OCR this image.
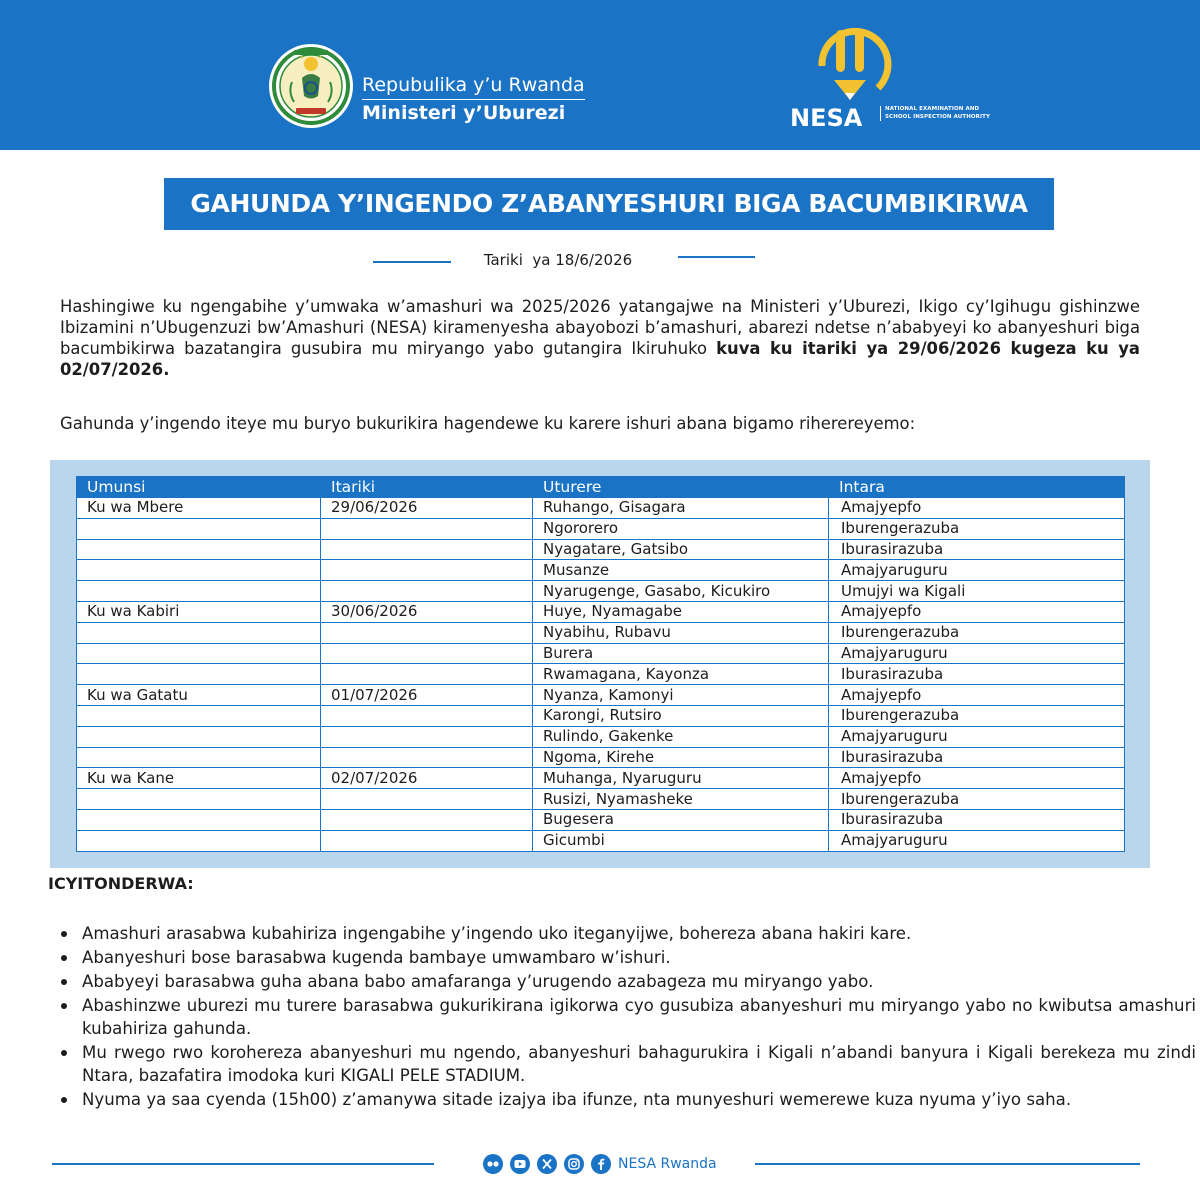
Repubulika y’u Rwanda
Ministeri y’Uburezi	NESA	NATIONAL EXAMINATION AND SCHOOL INSPECTION AUTHORITY
GAHUNDA Y’INGENDO Z’ABANYESHURI BIGA BACUMBIKIRWA
Tariki  ya 18/6/2026

Hashingiwe ku ngengabihe y’umwaka w’amashuri wa 2025/2026 yatangajwe na Ministeri y’Uburezi, Ikigo cy’Igihugu gishinzwe Ibizamini n’Ubugenzuzi bw’Amashuri (NESA) kiramenyesha abayobozi b’amashuri, abarezi ndetse n’ababyeyi ko abanyeshuri biga bacumbikirwa bazatangira gusubira mu miryango yabo gutangira Ikiruhuko kuva ku itariki ya 29/06/2026 kugeza ku ya 02/07/2026.

Gahunda y’ingendo iteye mu buryo bukurikira hagendewe ku karere ishuri abana bigamo riherereyemo:

Umunsi	Itariki	Uturere	Intara
Ku wa Mbere	29/06/2026	Ruhango, Gisagara	Amajyepfo
		Ngororero	Iburengerazuba
		Nyagatare, Gatsibo	Iburasirazuba
		Musanze	Amajyaruguru
		Nyarugenge, Gasabo, Kicukiro	Umujyi wa Kigali
Ku wa Kabiri	30/06/2026	Huye, Nyamagabe	Amajyepfo
		Nyabihu, Rubavu	Iburengerazuba
		Burera	Amajyaruguru
		Rwamagana, Kayonza	Iburasirazuba
Ku wa Gatatu	01/07/2026	Nyanza, Kamonyi	Amajyepfo
		Karongi, Rutsiro	Iburengerazuba
		Rulindo, Gakenke	Amajyaruguru
		Ngoma, Kirehe	Iburasirazuba
Ku wa Kane	02/07/2026	Muhanga, Nyaruguru	Amajyepfo
		Rusizi, Nyamasheke	Iburengerazuba
		Bugesera	Iburasirazuba
		Gicumbi	Amajyaruguru
ICYITONDERWA:
Amashuri arasabwa kubahiriza ingengabihe y’ingendo uko iteganyijwe, bohereza abana hakiri kare.
Abanyeshuri bose barasabwa kugenda bambaye umwambaro w’ishuri.
Ababyeyi barasabwa guha abana babo amafaranga y’urugendo azabageza mu miryango yabo.
Abashinzwe uburezi mu turere barasabwa gukurikirana igikorwa cyo gusubiza abanyeshuri mu miryango yabo no kwibutsa amashuri kubahiriza gahunda.
Mu rwego rwo korohereza abanyeshuri mu ngendo, abanyeshuri bahagurukira i Kigali n’abandi banyura i Kigali berekeza mu zindi Ntara, bazafatira imodoka kuri KIGALI PELE STADIUM.
Nyuma ya saa cyenda (15h00) z’amanywa sitade izajya iba ifunze, nta munyeshuri wemerewe kuza nyuma y’iyo saha.
NESA Rwanda
